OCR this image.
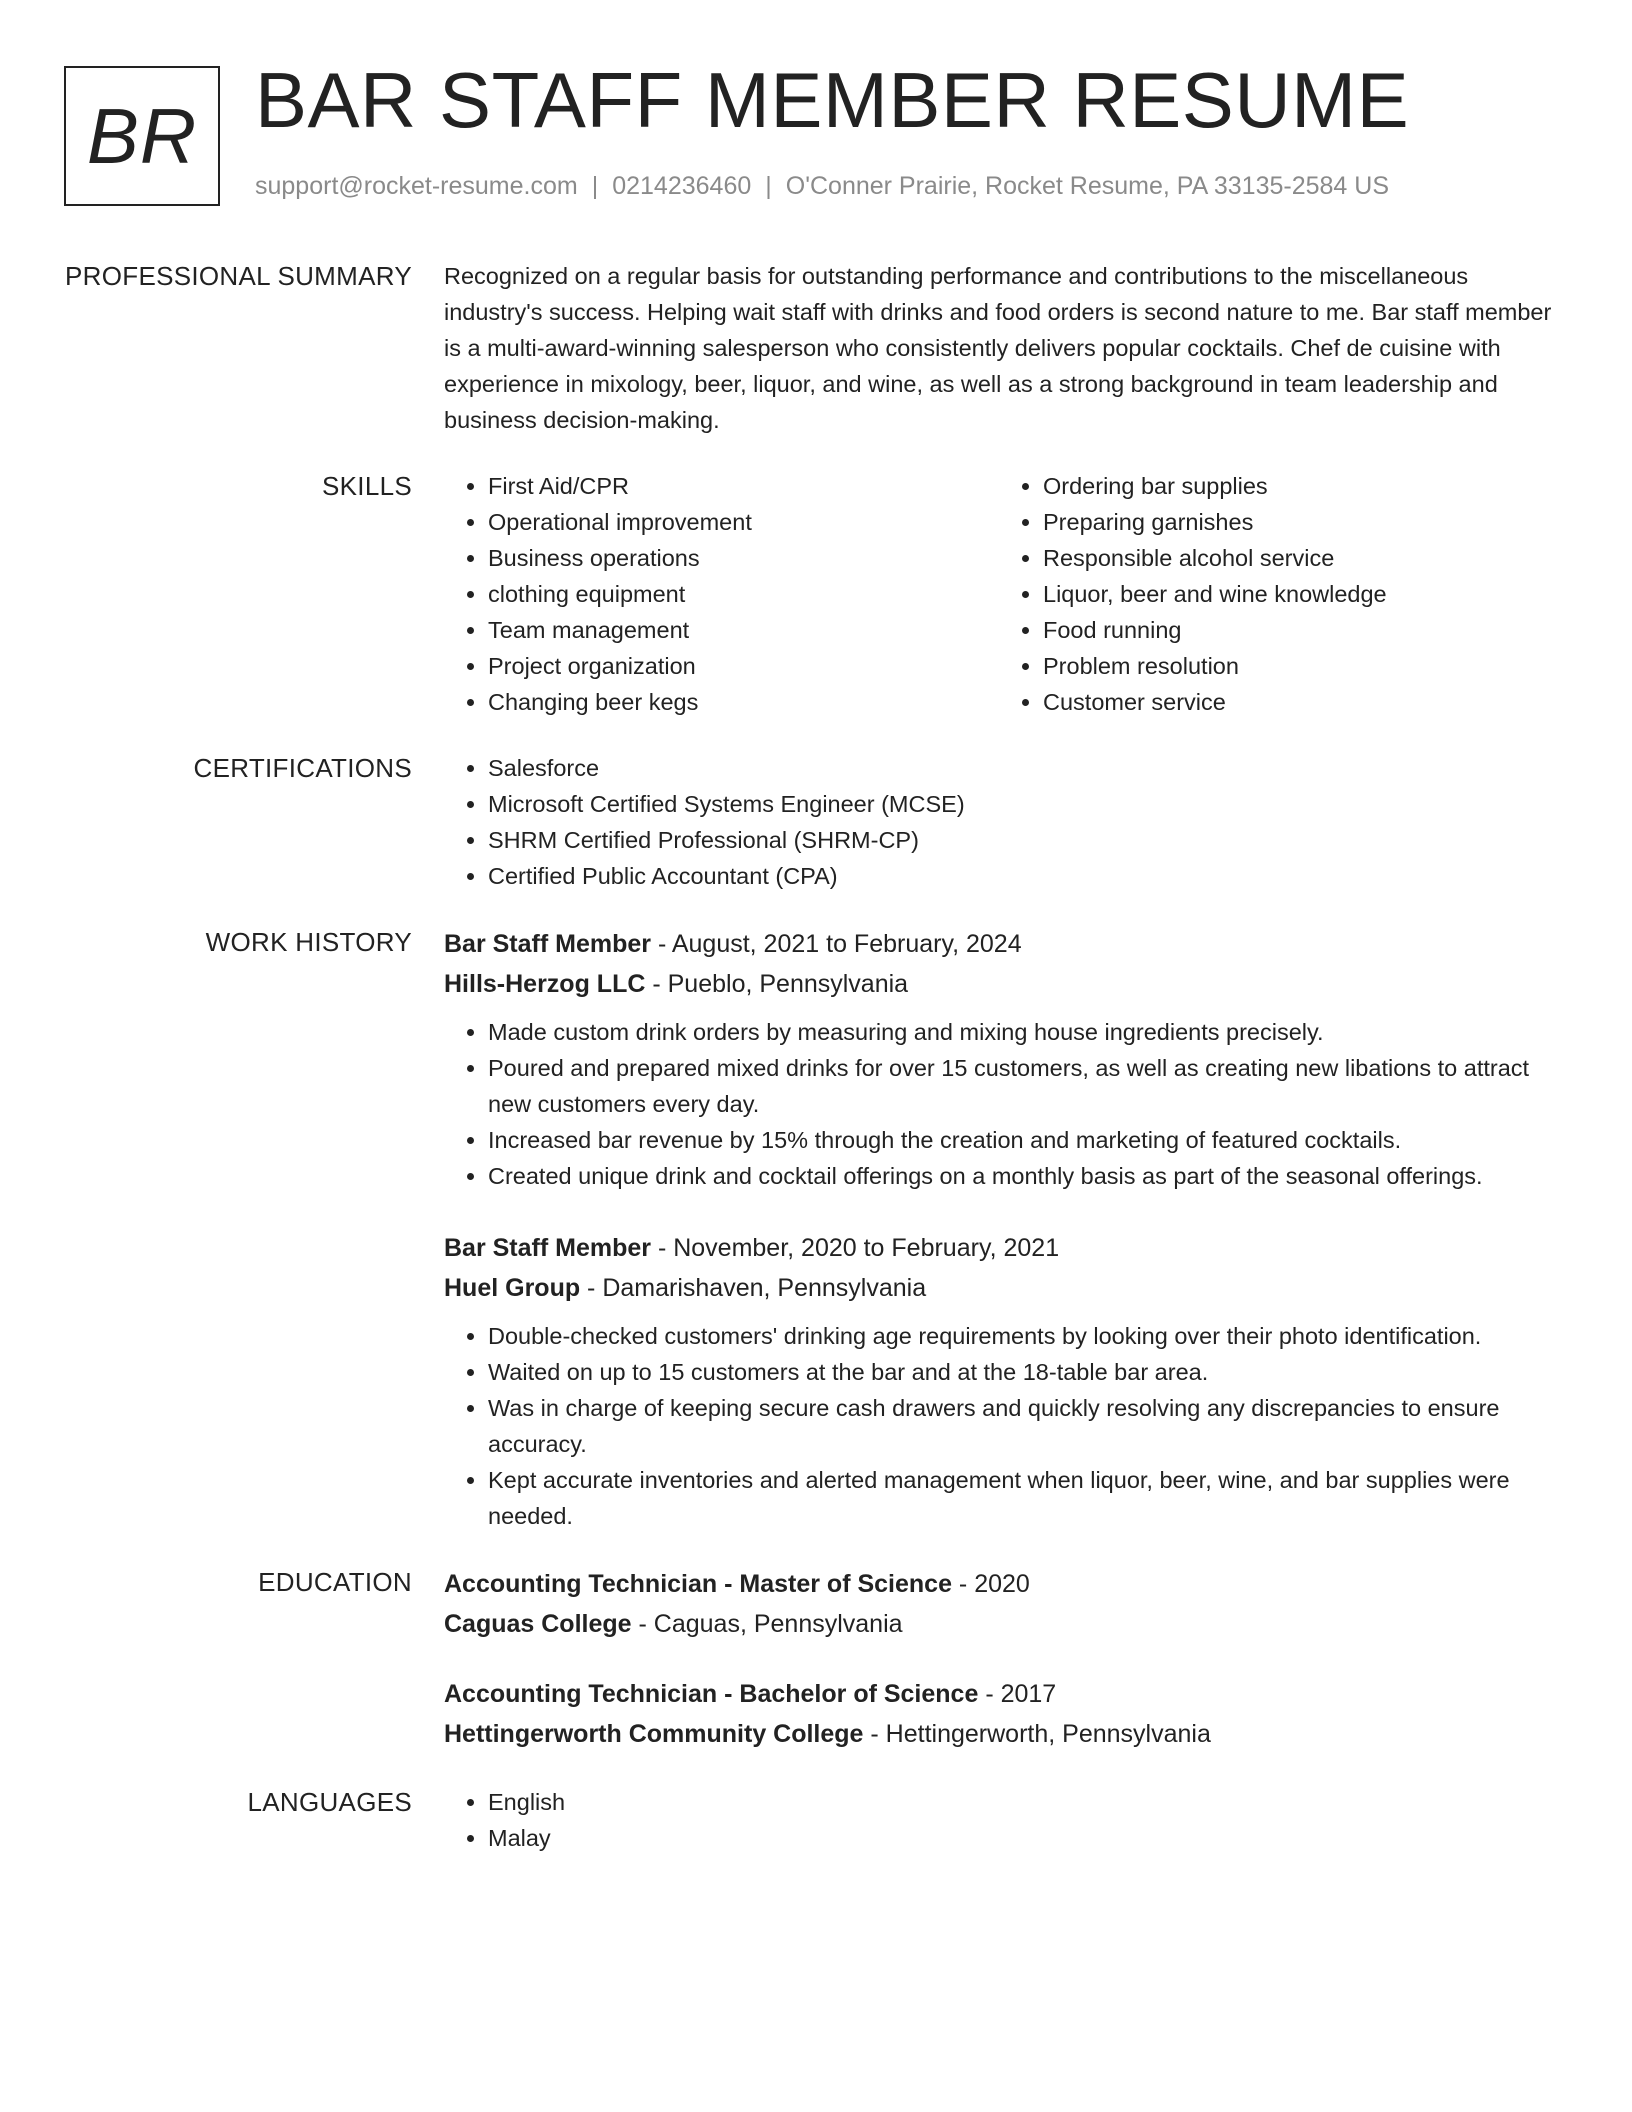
BR BAR STAFF MEMBER RESUME
support@rocket-resume.com | 0214236460 | O'Conner Prairie, Rocket Resume, PA 33135-2584 US
PROFESSIONAL SUMMARY Recognized on a regular basis for outstanding performance and contributions to the miscellaneous industry's success. Helping wait staff with drinks and food orders is second nature to me. Bar staff member is a multi-award-winning salesperson who consistently delivers popular cocktails. Chef de cuisine with experience in mixology, beer, liquor, and wine, as well as a strong background in team leadership and business decision-making.

SKILLS	• First Aid/CPR
• Operational improvement
• Business operations
• clothing equipment
• Team management
• Project organization
• Changing beer kegs
• Ordering bar supplies
• Preparing garnishes
• Responsible alcohol service
• Liquor, beer and wine knowledge
• Food running
• Problem resolution
• Customer service
CERTIFICATIONS	• Salesforce
• Microsoft Certified Systems Engineer (MCSE)
• SHRM Certified Professional (SHRM-CP)
• Certified Public Accountant (CPA)
WORK HISTORY Bar Staff Member - August, 2021 to February, 2024
Hills-Herzog LLC - Pueblo, Pennsylvania
• Made custom drink orders by measuring and mixing house ingredients precisely.
• Poured and prepared mixed drinks for over 15 customers, as well as creating new libations to attract new customers every day.
• Increased bar revenue by 15% through the creation and marketing of featured cocktails.
• Created unique drink and cocktail offerings on a monthly basis as part of the seasonal offerings.
Bar Staff Member - November, 2020 to February, 2021
Huel Group - Damarishaven, Pennsylvania
• Double-checked customers' drinking age requirements by looking over their photo identification.
• Waited on up to 15 customers at the bar and at the 18-table bar area.
• Was in charge of keeping secure cash drawers and quickly resolving any discrepancies to ensure accuracy.
• Kept accurate inventories and alerted management when liquor, beer, wine, and bar supplies were needed.
EDUCATION Accounting Technician - Master of Science - 2020
Caguas College - Caguas, Pennsylvania
Accounting Technician - Bachelor of Science - 2017
Hettingerworth Community College - Hettingerworth, Pennsylvania
LANGUAGES	• English
• Malay
